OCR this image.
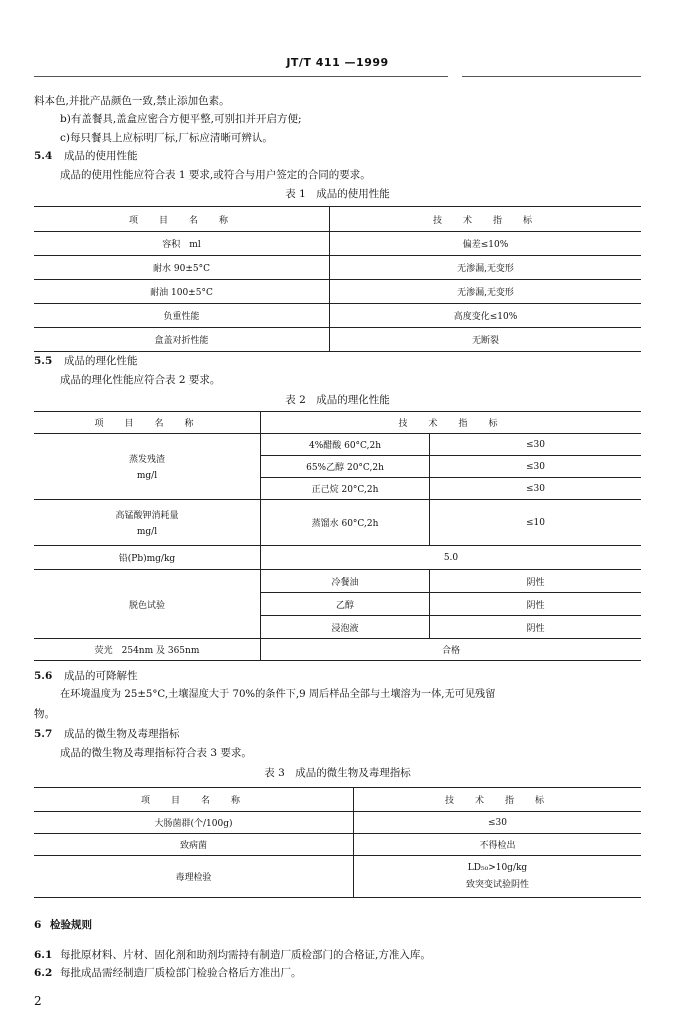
JT/T 411 —1999
料本色,并批产品颜色一致,禁止添加色素。
b)有盖餐具,盖盒应密合方便平整,可别扣并开启方便;
c)每只餐具上应标明厂标,厂标应清晰可辨认。
5.4 成品的使用性能
成品的使用性能应符合表 1 要求,或符合与用户签定的合同的要求。
表 1　成品的使用性能
项　目　名　称	技　术　指　标
容积　ml	偏差≤10%
耐水 90±5°C	无渗漏,无变形
耐油 100±5°C	无渗漏,无变形
负重性能	高度变化≤10%
盒盖对折性能	无断裂
5.5 成品的理化性能
成品的理化性能应符合表 2 要求。
表 2　成品的理化性能
项　目　名　称	技　术　指　标	

蒸发残渣
mg/l	4%醋酸 60°C,2h	≤30
	65%乙醇 20°C,2h	≤30
	正己烷 20°C,2h	≤30

高锰酸钾消耗量
mg/l	蒸馏水 60°C,2h	≤10
铅(Pb)mg/kg	5.0	
脱色试验	冷餐油	阴性
	乙醇	阴性
	浸泡液	阴性
荧光　254nm 及 365nm	合格	
5.6 成品的可降解性
在环境温度为 25±5°C,土壤湿度大于 70%的条件下,9 周后样品全部与土壤溶为一体,无可见残留
物。
5.7 成品的微生物及毒理指标
成品的微生物及毒理指标符合表 3 要求。
表 3　成品的微生物及毒理指标
项　目　名　称	技　术　指　标
大肠菌群(个/100g)	≤30
致病菌	不得检出
毒理检验	LD₅₀>10g/kg
致突变试验阴性
6 检验规则
6.1 每批原材料、片材、固化剂和助剂均需持有制造厂质检部门的合格证,方准入库。
6.2 每批成品需经制造厂质检部门检验合格后方准出厂。
2
